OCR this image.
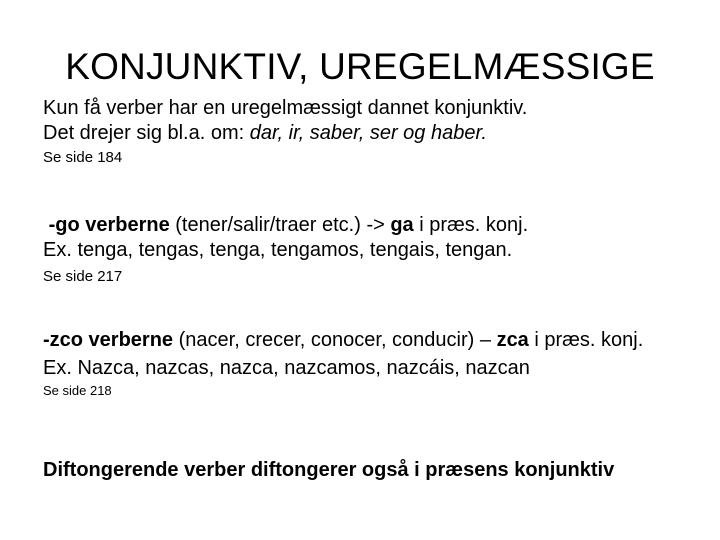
KONJUNKTIV, UREGELMÆSSIGE
Kun få verber har en uregelmæssigt dannet konjunktiv.
Det drejer sig bl.a. om: dar, ir, saber, ser og haber.
Se side 184
-go verberne (tener/salir/traer etc.) -> ga i præs. konj.
Ex. tenga, tengas, tenga, tengamos, tengais, tengan.
Se side 217
-zco verberne (nacer, crecer, conocer, conducir) – zca i præs. konj.
Ex. Nazca, nazcas, nazca, nazcamos, nazcáis, nazcan
Se side 218
Diftongerende verber diftongerer også i præsens konjunktiv
